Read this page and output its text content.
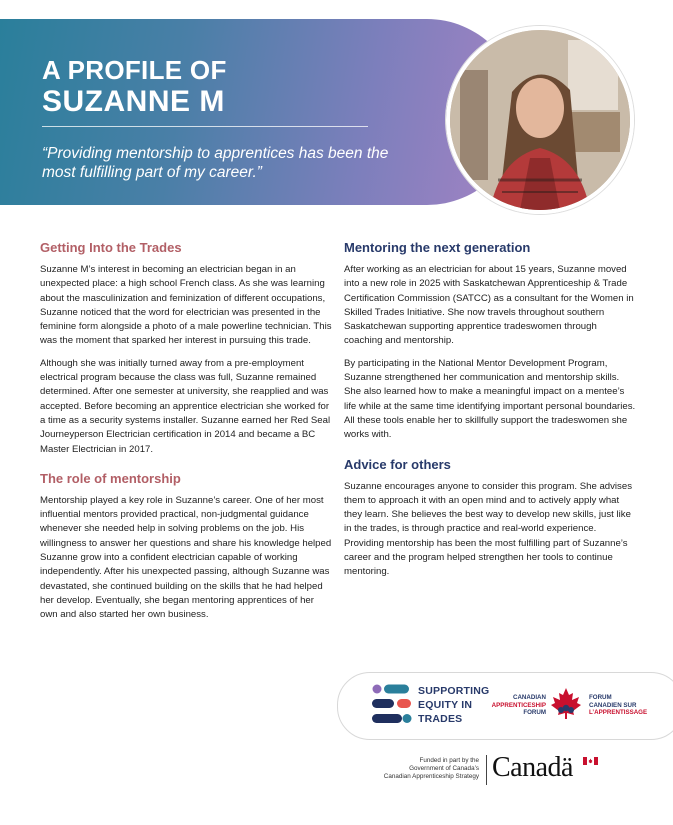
A PROFILE OF
SUZANNE M
“Providing mentorship to apprentices has been the most fulfilling part of my career.”
Getting Into the Trades

Suzanne M’s interest in becoming an electrician began in an unexpected place: a high school French class. As she was learning about the masculinization and feminization of different occupations, Suzanne noticed that the word for electrician was presented in the feminine form alongside a photo of a male powerline technician. This was the moment that sparked her interest in pursuing this trade.

Although she was initially turned away from a pre-employment electrical program because the class was full, Suzanne remained determined. After one semester at university, she reapplied and was accepted. Before becoming an apprentice electrician she worked for a time as a security systems installer. Suzanne earned her Red Seal Journeyperson Electrician certification in 2014 and became a BC Master Electrician in 2017.

The role of mentorship

Mentorship played a key role in Suzanne’s career. One of her most influential mentors provided practical, non-judgmental guidance whenever she needed help in solving problems on the job. His willingness to answer her questions and share his knowledge helped Suzanne grow into a confident electrician capable of working independently. After his unexpected passing, although Suzanne was devastated, she continued building on the skills that he had helped her develop. Eventually, she began mentoring apprentices of her own and also started her own business.

Mentoring the next generation

After working as an electrician for about 15 years, Suzanne moved into a new role in 2025 with Saskatchewan Apprenticeship & Trade Certification Commission (SATCC) as a consultant for the Women in Skilled Trades Initiative. She now travels throughout southern Saskatchewan supporting apprentice tradeswomen through coaching and mentorship.

By participating in the National Mentor Development Program, Suzanne strengthened her communication and mentorship skills. She also learned how to make a meaningful impact on a mentee’s life while at the same time identifying important personal boundaries. All these tools enable her to skillfully support the tradeswomen she works with.

Advice for others

Suzanne encourages anyone to consider this program. She advises them to approach it with an open mind and to actively apply what they learn. She believes the best way to develop new skills, just like in the trades, is through practice and real-world experience. Providing mentorship has been the most fulfilling part of Suzanne’s career and the program helped strengthen her tools to continue mentoring.

SUPPORTING
EQUITY IN
TRADES
CANADIAN
APPRENTICESHIP
FORUM
FORUM
CANADIEN SUR
L’APPRENTISSAGE
Funded in part by the
Government of Canada’s
Canadian Apprenticeship Strategy Canadä
